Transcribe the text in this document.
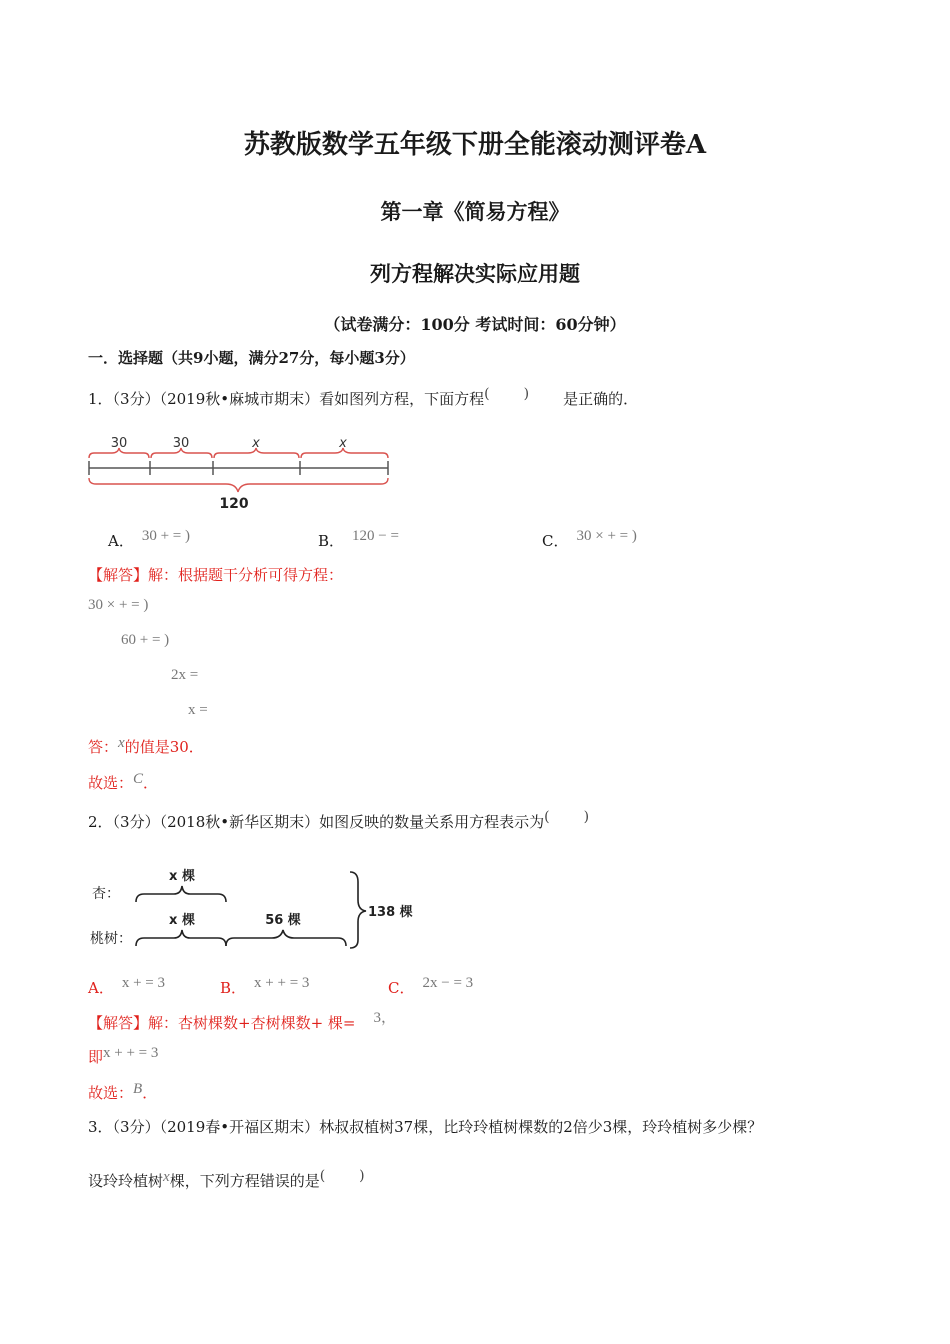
苏教版数学五年级下册全能滚动测评卷A
第一章《简易方程》
列方程解决实际应用题
（试卷满分：100分 考试时间：60分钟）
一．选择题（共9小题，满分27分，每小题3分）
1．（3分）（2019秋•麻城市期末）看如图列方程，下面方程()是正确的．
30	30	x	x
120
A． 30 + = )	B． 120 − =	C． 30 × + = )
【解答】解：根据题干分析可得方程：
30 × + = )
60 + = )
2x =
x =
答：x的值是30．
故选：C．
2．（3分）（2018秋•新华区期末）如图反映的数量关系用方程表示为()
杏：
x 棵
桃树：
x 棵	56 棵
138 棵
A． x + = 3	B． x + + = 3	C． 2x − = 3
【解答】解：杏树棵数+杏树棵数+ 棵= 3，
即x + + = 3
故选：B．
3．（3分）（2019春•开福区期末）林叔叔植树37棵，比玲玲植树棵数的2倍少3棵，玲玲植树多少棵？
设玲玲植树x棵，下列方程错误的是()
